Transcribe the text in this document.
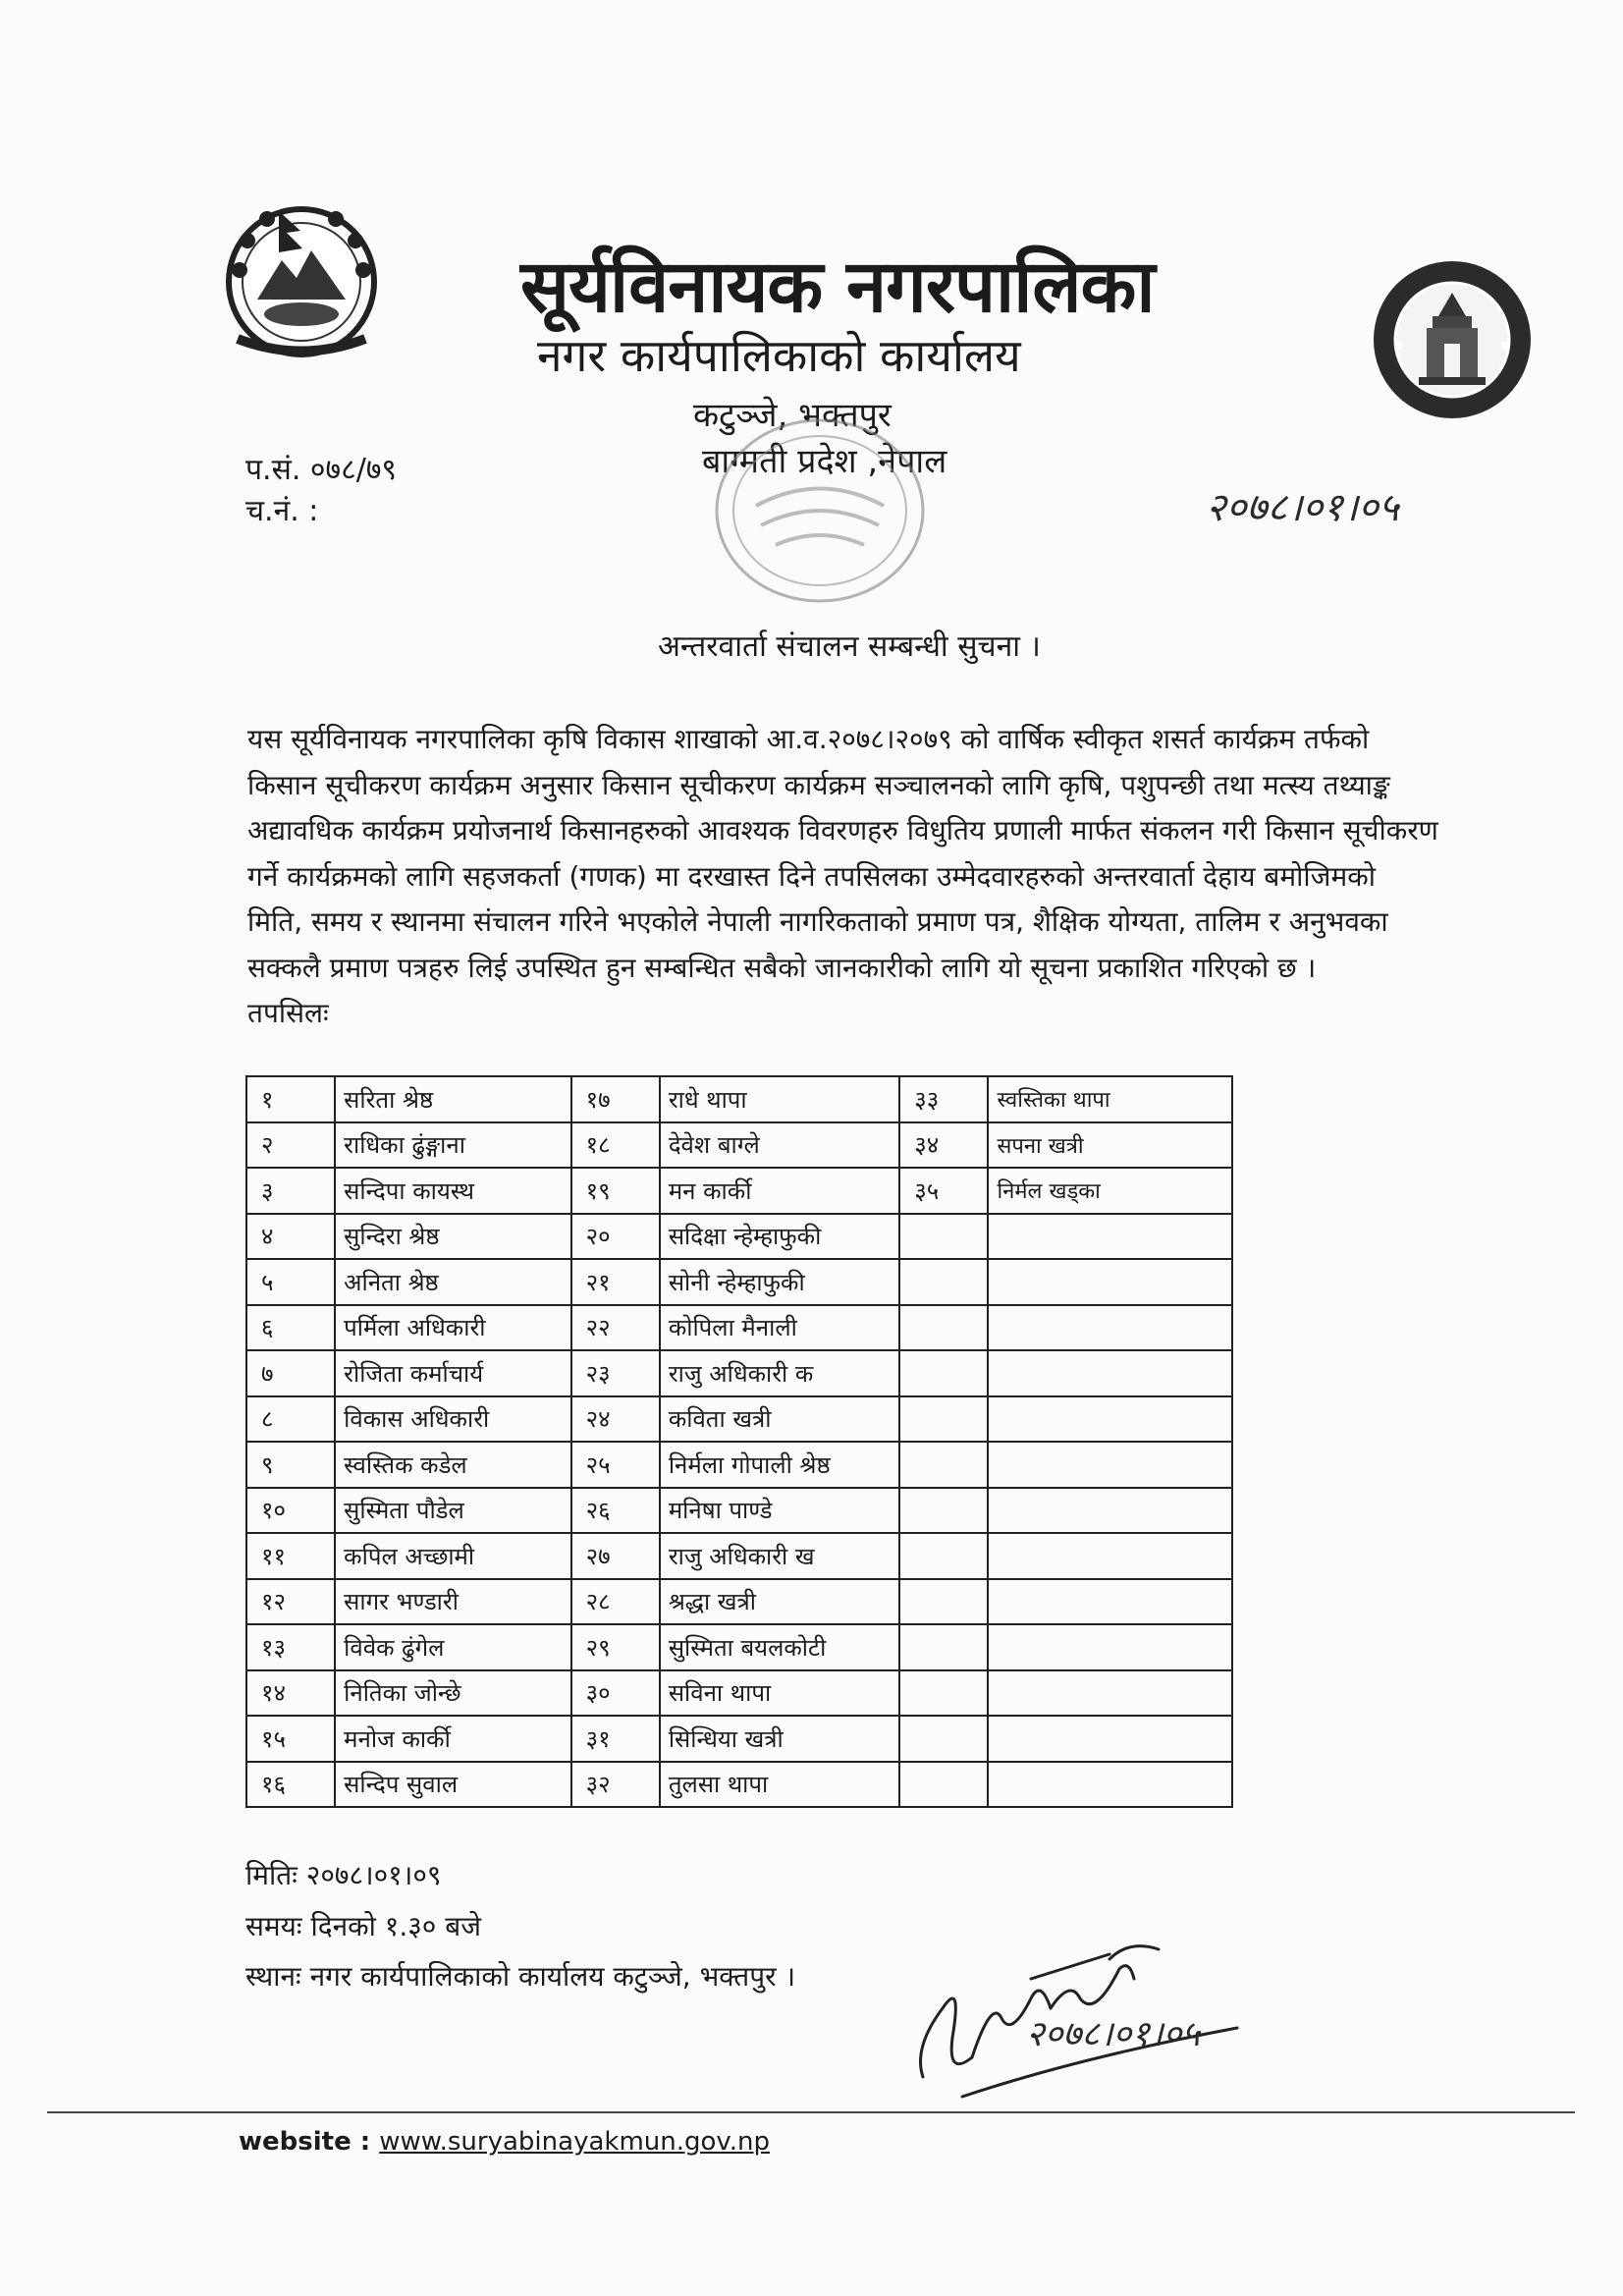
सूर्यविनायक नगरपालिका
नगर कार्यपालिकाको कार्यालय
कटुञ्जे, भक्तपुर
बाग्मती प्रदेश ,नेपाल
प.सं. ०७८/७९
च.नं. :	२०७८।०१।०५
अन्तरवार्ता संचालन सम्बन्धी सुचना ।
यस सूर्यविनायक नगरपालिका कृषि विकास शाखाको आ.व.२०७८।२०७९ को वार्षिक स्वीकृत शसर्त कार्यक्रम तर्फको
किसान सूचीकरण कार्यक्रम अनुसार किसान सूचीकरण कार्यक्रम सञ्चालनको लागि कृषि, पशुपन्छी तथा मत्स्य तथ्याङ्क
अद्यावधिक कार्यक्रम प्रयोजनार्थ किसानहरुको आवश्यक विवरणहरु विधुतिय प्रणाली मार्फत संकलन गरी किसान सूचीकरण
गर्ने कार्यक्रमको लागि सहजकर्ता (गणक) मा दरखास्त दिने तपसिलका उम्मेदवारहरुको अन्तरवार्ता देहाय बमोजिमको
मिति, समय र स्थानमा संचालन गरिने भएकोले नेपाली नागरिकताको प्रमाण पत्र, शैक्षिक योग्यता, तालिम र अनुभवका
सक्कलै प्रमाण पत्रहरु लिई उपस्थित हुन सम्बन्धित सबैको जानकारीको लागि यो सूचना प्रकाशित गरिएको छ ।
तपसिलः
१	सरिता श्रेष्ठ	१७	राधे थापा	३३	स्वस्तिका थापा
२	राधिका ढुंङ्गाना	१८	देवेश बाग्ले	३४	सपना खत्री
३	सन्दिपा कायस्थ	१९	मन कार्की	३५	निर्मल खड्का
४	सुन्दिरा श्रेष्ठ	२०	सदिक्षा न्हेम्हाफुकी		
५	अनिता श्रेष्ठ	२१	सोनी न्हेम्हाफुकी		
६	पर्मिला अधिकारी	२२	कोपिला मैनाली		
७	रोजिता कर्माचार्य	२३	राजु अधिकारी क		
८	विकास अधिकारी	२४	कविता खत्री		
९	स्वस्तिक कडेल	२५	निर्मला गोपाली श्रेष्ठ		
१०	सुस्मिता पौडेल	२६	मनिषा पाण्डे		
११	कपिल अच्छामी	२७	राजु अधिकारी ख		
१२	सागर भण्डारी	२८	श्रद्धा खत्री		
१३	विवेक ढुंगेल	२९	सुस्मिता बयलकोटी		
१४	नितिका जोन्छे	३०	सविना थापा		
१५	मनोज कार्की	३१	सिन्धिया खत्री		
१६	सन्दिप सुवाल	३२	तुलसा थापा		
मितिः २०७८।०१।०९
समयः दिनको १.३० बजे
स्थानः नगर कार्यपालिकाको कार्यालय कटुञ्जे, भक्तपुर ।
२०७८।०१।०५
website : www.suryabinayakmun.gov.np
